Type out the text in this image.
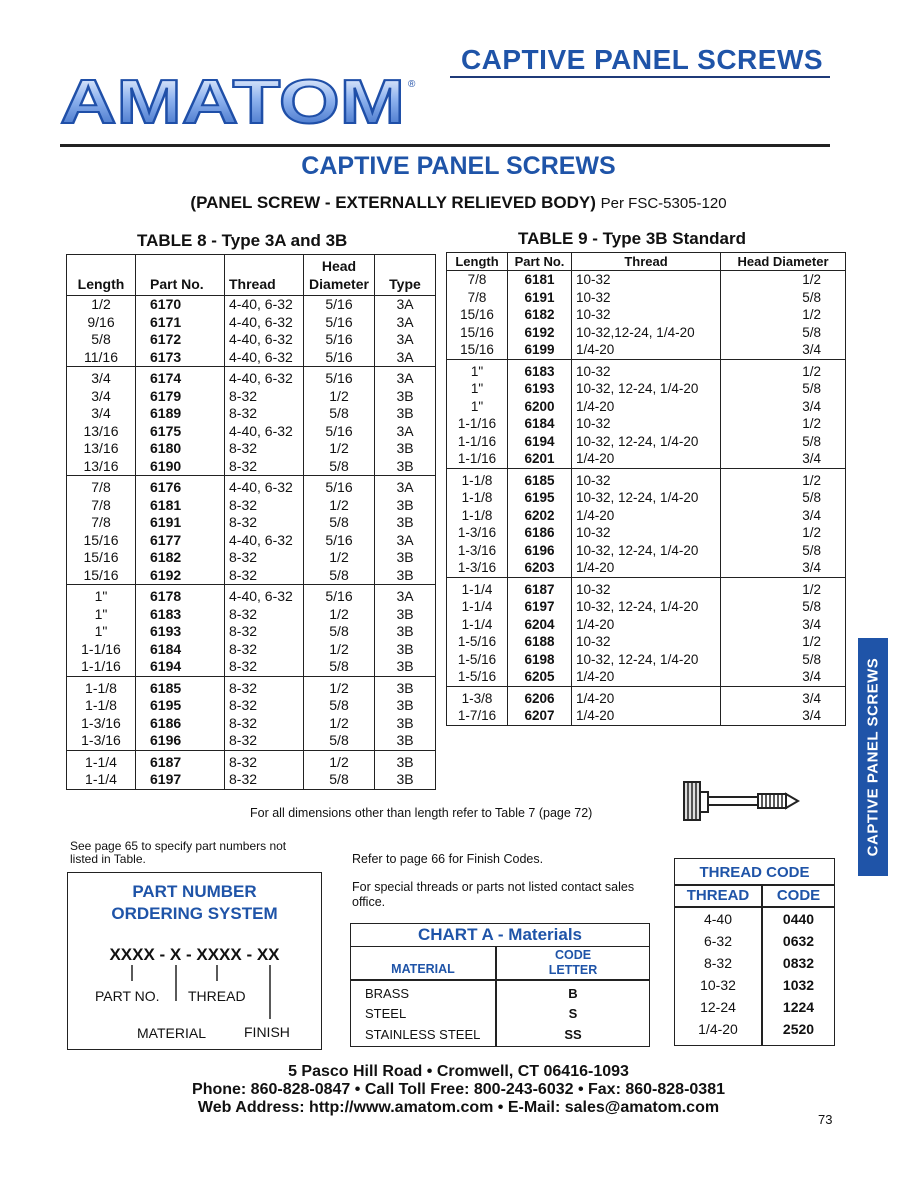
CAPTIVE PANEL SCREWS
AMATOM ®
CAPTIVE PANEL SCREWS
(PANEL SCREW - EXTERNALLY RELIEVED BODY) Per FSC-5305-120
TABLE 8 - Type 3A and 3B	TABLE 9 - Type 3B Standard

Length	Part No.	Thread	Head
Diameter	Type
1/2	6170	4-40, 6-32	5/16	3A
9/16	6171	4-40, 6-32	5/16	3A
5/8	6172	4-40, 6-32	5/16	3A
11/16	6173	4-40, 6-32	5/16	3A
3/4	6174	4-40, 6-32	5/16	3A
3/4	6179	8-32	1/2	3B
3/4	6189	8-32	5/8	3B
13/16	6175	4-40, 6-32	5/16	3A
13/16	6180	8-32	1/2	3B
13/16	6190	8-32	5/8	3B
7/8	6176	4-40, 6-32	5/16	3A
7/8	6181	8-32	1/2	3B
7/8	6191	8-32	5/8	3B
15/16	6177	4-40, 6-32	5/16	3A
15/16	6182	8-32	1/2	3B
15/16	6192	8-32	5/8	3B
1"	6178	4-40, 6-32	5/16	3A
1"	6183	8-32	1/2	3B
1"	6193	8-32	5/8	3B
1-1/16	6184	8-32	1/2	3B
1-1/16	6194	8-32	5/8	3B
1-1/8	6185	8-32	1/2	3B
1-1/8	6195	8-32	5/8	3B
1-3/16	6186	8-32	1/2	3B
1-3/16	6196	8-32	5/8	3B
1-1/4	6187	8-32	1/2	3B
1-1/4	6197	8-32	5/8	3B
Length	Part No.	Thread	Head Diameter
7/8	6181	10-32	1/2
7/8	6191	10-32	5/8
15/16	6182	10-32	1/2
15/16	6192	10-32,12-24, 1/4-20	5/8
15/16	6199	1/4-20	3/4
1"	6183	10-32	1/2
1"	6193	10-32, 12-24, 1/4-20	5/8
1"	6200	1/4-20	3/4
1-1/16	6184	10-32	1/2
1-1/16	6194	10-32, 12-24, 1/4-20	5/8
1-1/16	6201	1/4-20	3/4
1-1/8	6185	10-32	1/2
1-1/8	6195	10-32, 12-24, 1/4-20	5/8
1-1/8	6202	1/4-20	3/4
1-3/16	6186	10-32	1/2
1-3/16	6196	10-32, 12-24, 1/4-20	5/8
1-3/16	6203	1/4-20	3/4
1-1/4	6187	10-32	1/2
1-1/4	6197	10-32, 12-24, 1/4-20	5/8
1-1/4	6204	1/4-20	3/4
1-5/16	6188	10-32	1/2
1-5/16	6198	10-32, 12-24, 1/4-20	5/8
1-5/16	6205	1/4-20	3/4
1-3/8	6206	1/4-20	3/4
1-7/16	6207	1/4-20	3/4
For all dimensions other than length refer to Table 7 (page 72)	CAPTIVE PANEL SCREWS
See page 65 to specify part numbers not listed in Table.
PART NUMBER
ORDERING SYSTEM
XXXX - X - XXXX - XX
PART NO. THREAD
MATERIAL	FINISH
Refer to page 66 for Finish Codes.
For special threads or parts not listed contact sales office.
CHART A - Materials
MATERIAL
CODE
LETTER
BRASS	B
STEEL	S
STAINLESS STEEL	SS
THREAD CODE
THREAD	CODE
4-40	0440
6-32	0632
8-32	0832
10-32	1032
12-24	1224
1/4-20	2520
5 Pasco Hill Road • Cromwell, CT 06416-1093
Phone: 860-828-0847 • Call Toll Free: 800-243-6032 • Fax: 860-828-0381
Web Address: http://www.amatom.com • E-Mail: sales@amatom.com
73
